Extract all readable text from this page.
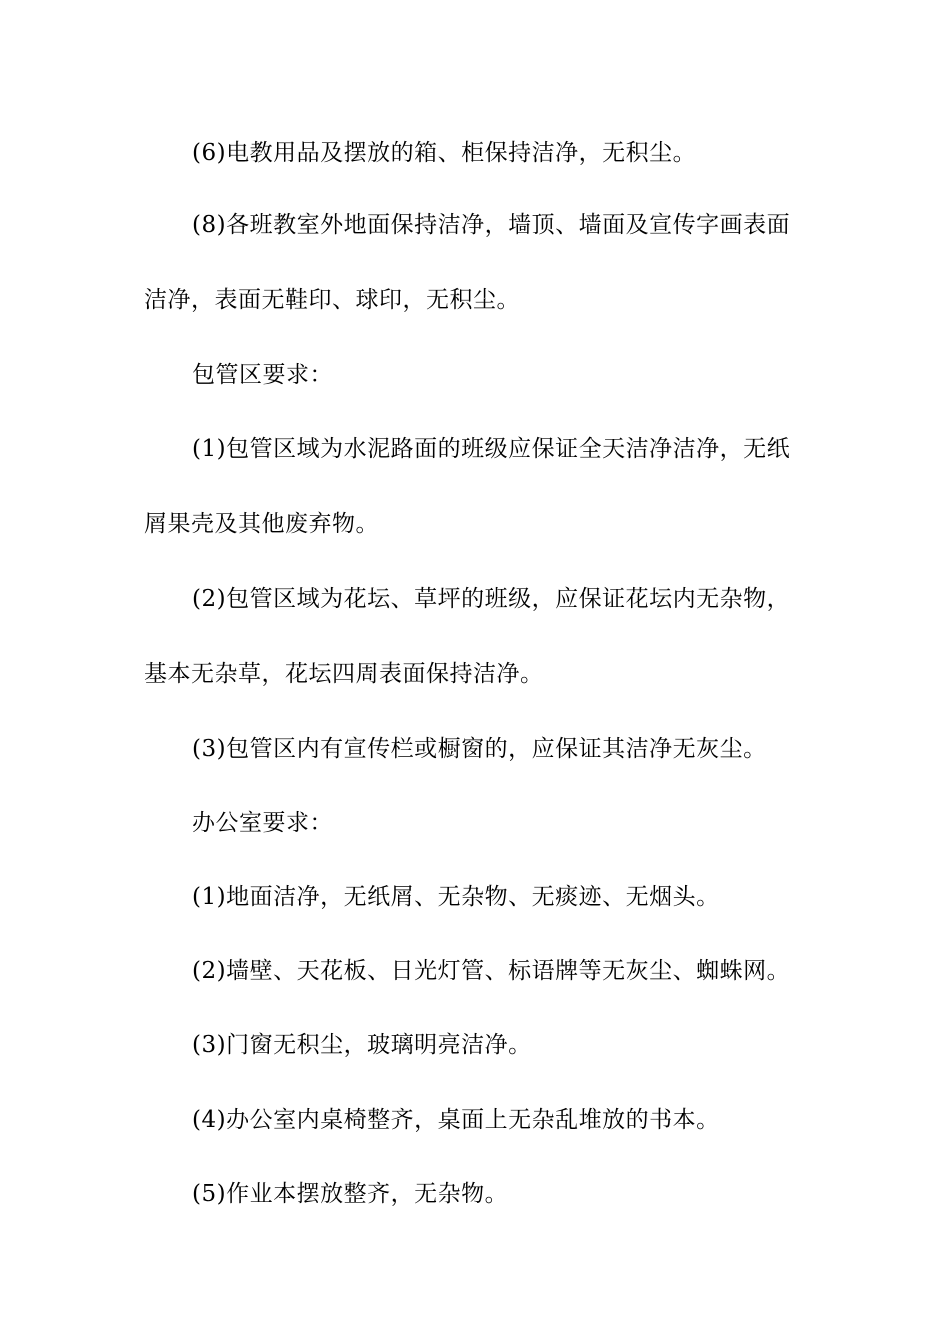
(6)电教用品及摆放的箱、柜保持洁净，无积尘。

(8)各班教室外地面保持洁净，墙顶、墙面及宣传字画表面洁净，表面无鞋印、球印，无积尘。

包管区要求：

(1)包管区域为水泥路面的班级应保证全天洁净洁净，无纸屑果壳及其他废弃物。

(2)包管区域为花坛、草坪的班级，应保证花坛内无杂物，基本无杂草，花坛四周表面保持洁净。

(3)包管区内有宣传栏或橱窗的，应保证其洁净无灰尘。

办公室要求：

(1)地面洁净，无纸屑、无杂物、无痰迹、无烟头。

(2)墙壁、天花板、日光灯管、标语牌等无灰尘、蜘蛛网。

(3)门窗无积尘，玻璃明亮洁净。

(4)办公室内桌椅整齐，桌面上无杂乱堆放的书本。

(5)作业本摆放整齐，无杂物。
